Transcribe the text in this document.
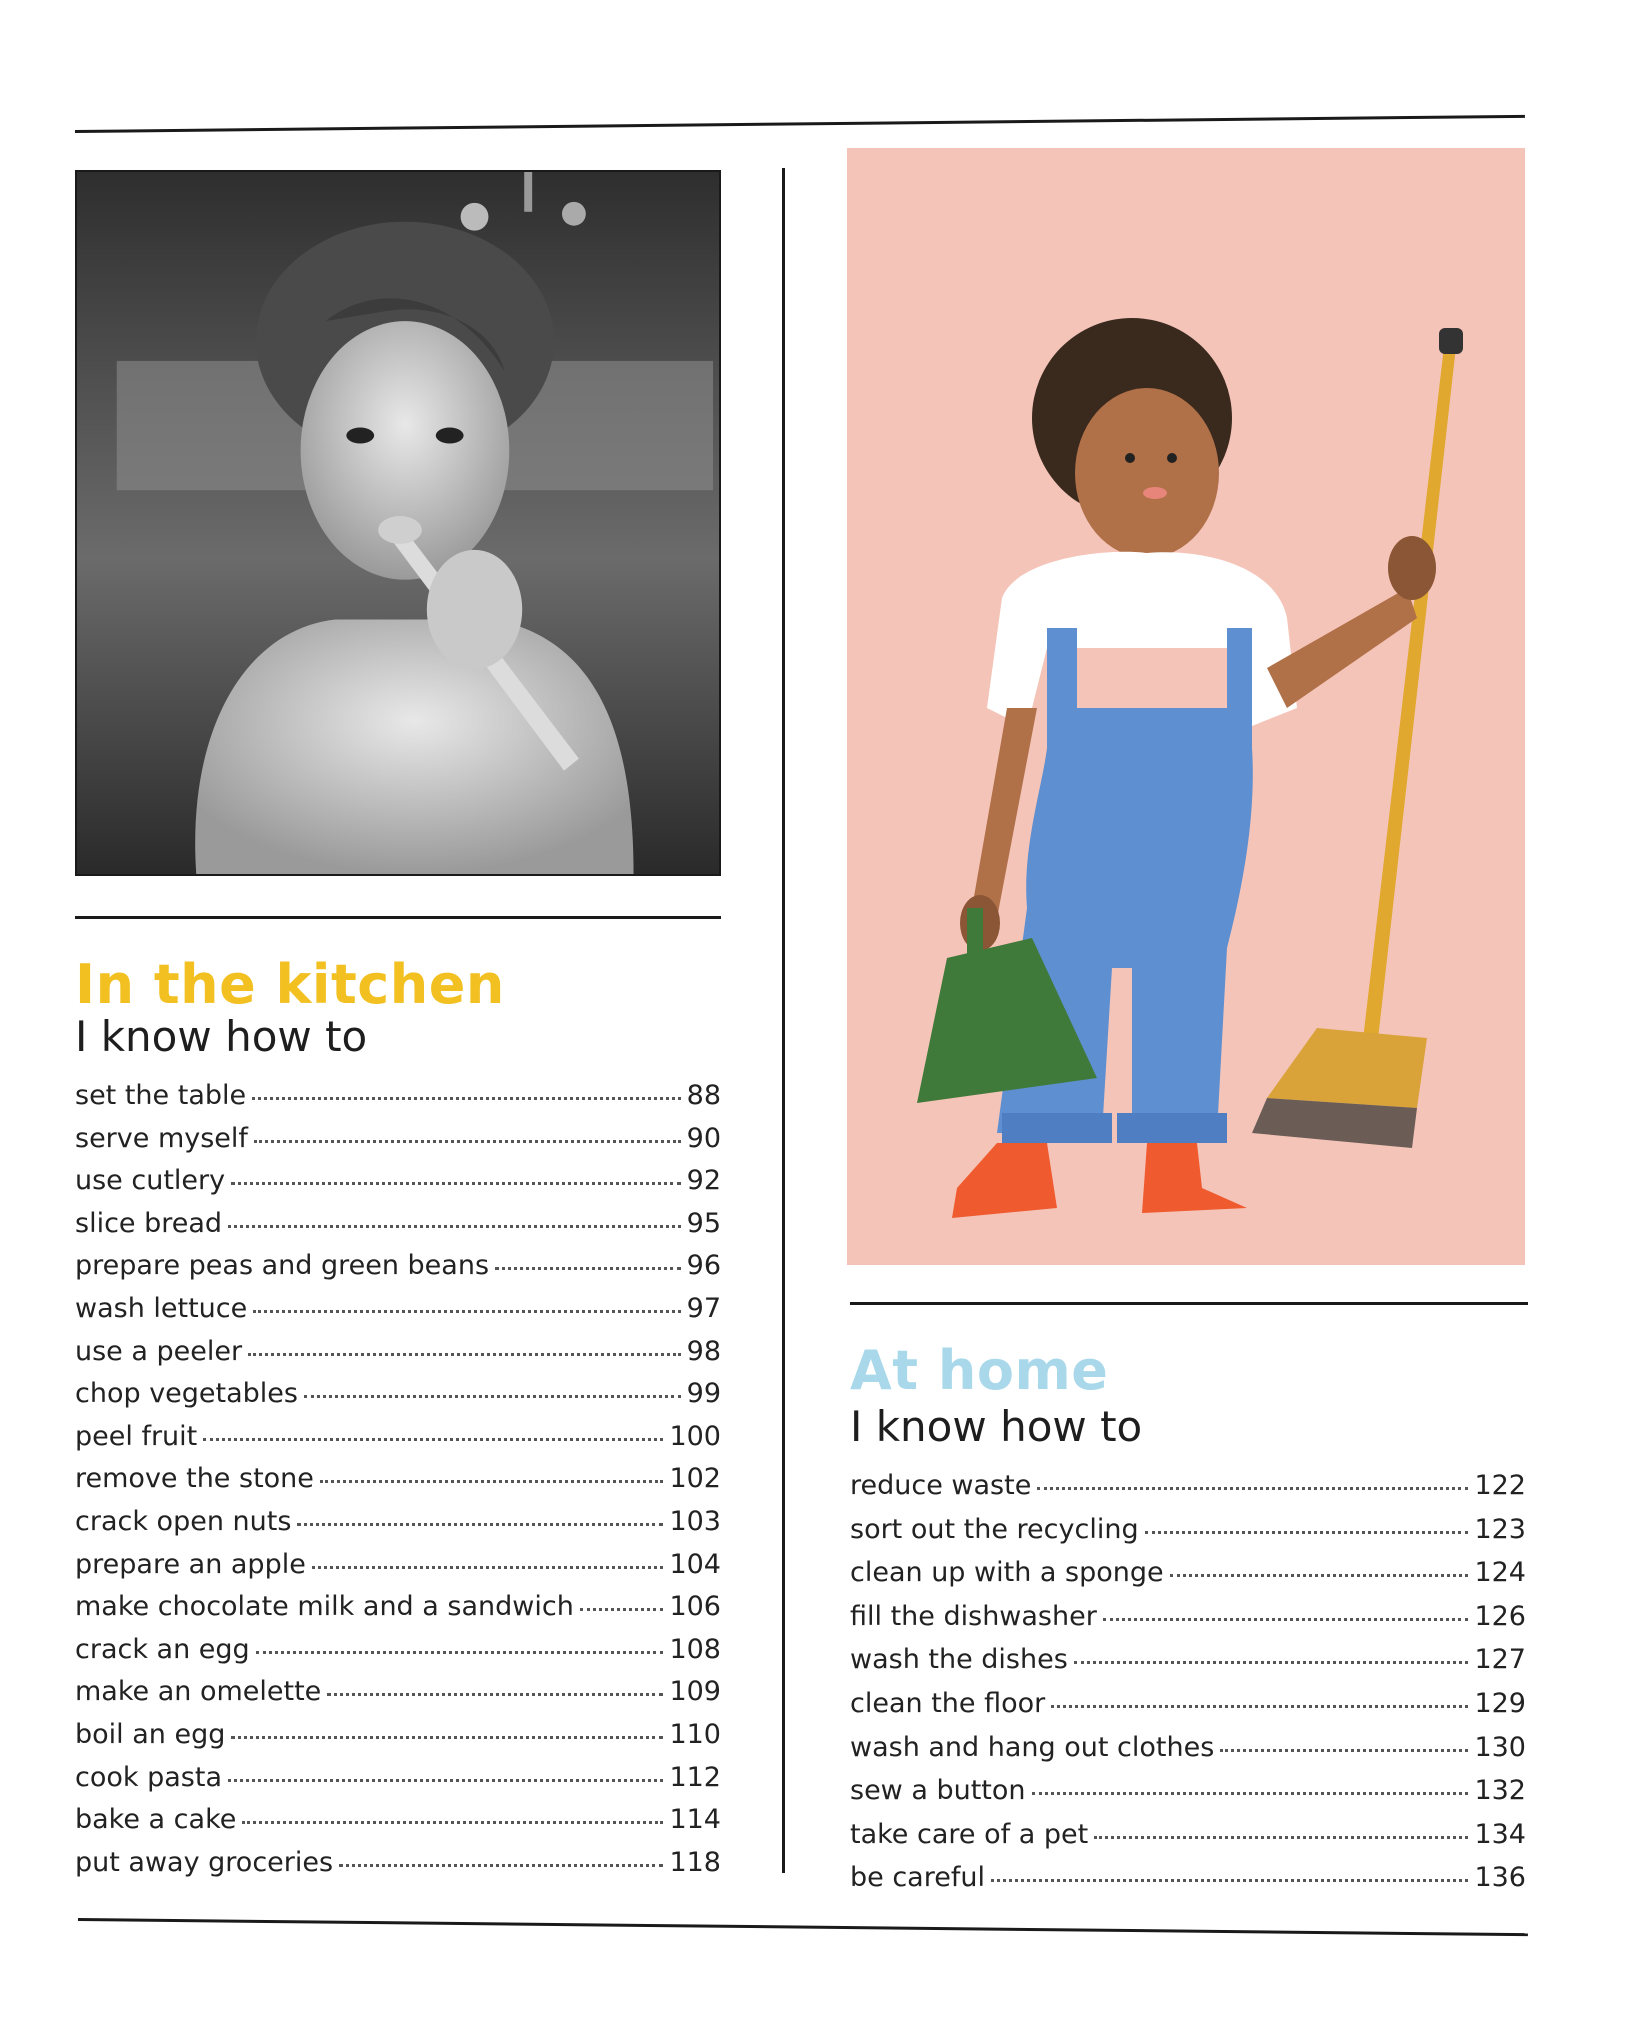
In the kitchen
I know how to
set the table	88
serve myself	90
use cutlery	92
slice bread	95
prepare peas and green beans	96
wash lettuce	97
use a peeler	98
chop vegetables	99
peel fruit	100
remove the stone	102
crack open nuts	103
prepare an apple	104
make chocolate milk and a sandwich	106
crack an egg	108
make an omelette	109
boil an egg	110
cook pasta	112
bake a cake	114
put away groceries	118
At home
I know how to
reduce waste	122
sort out the recycling	123
clean up with a sponge	124
fill the dishwasher	126
wash the dishes	127
clean the floor	129
wash and hang out clothes	130
sew a button	132
take care of a pet	134
be careful	136
